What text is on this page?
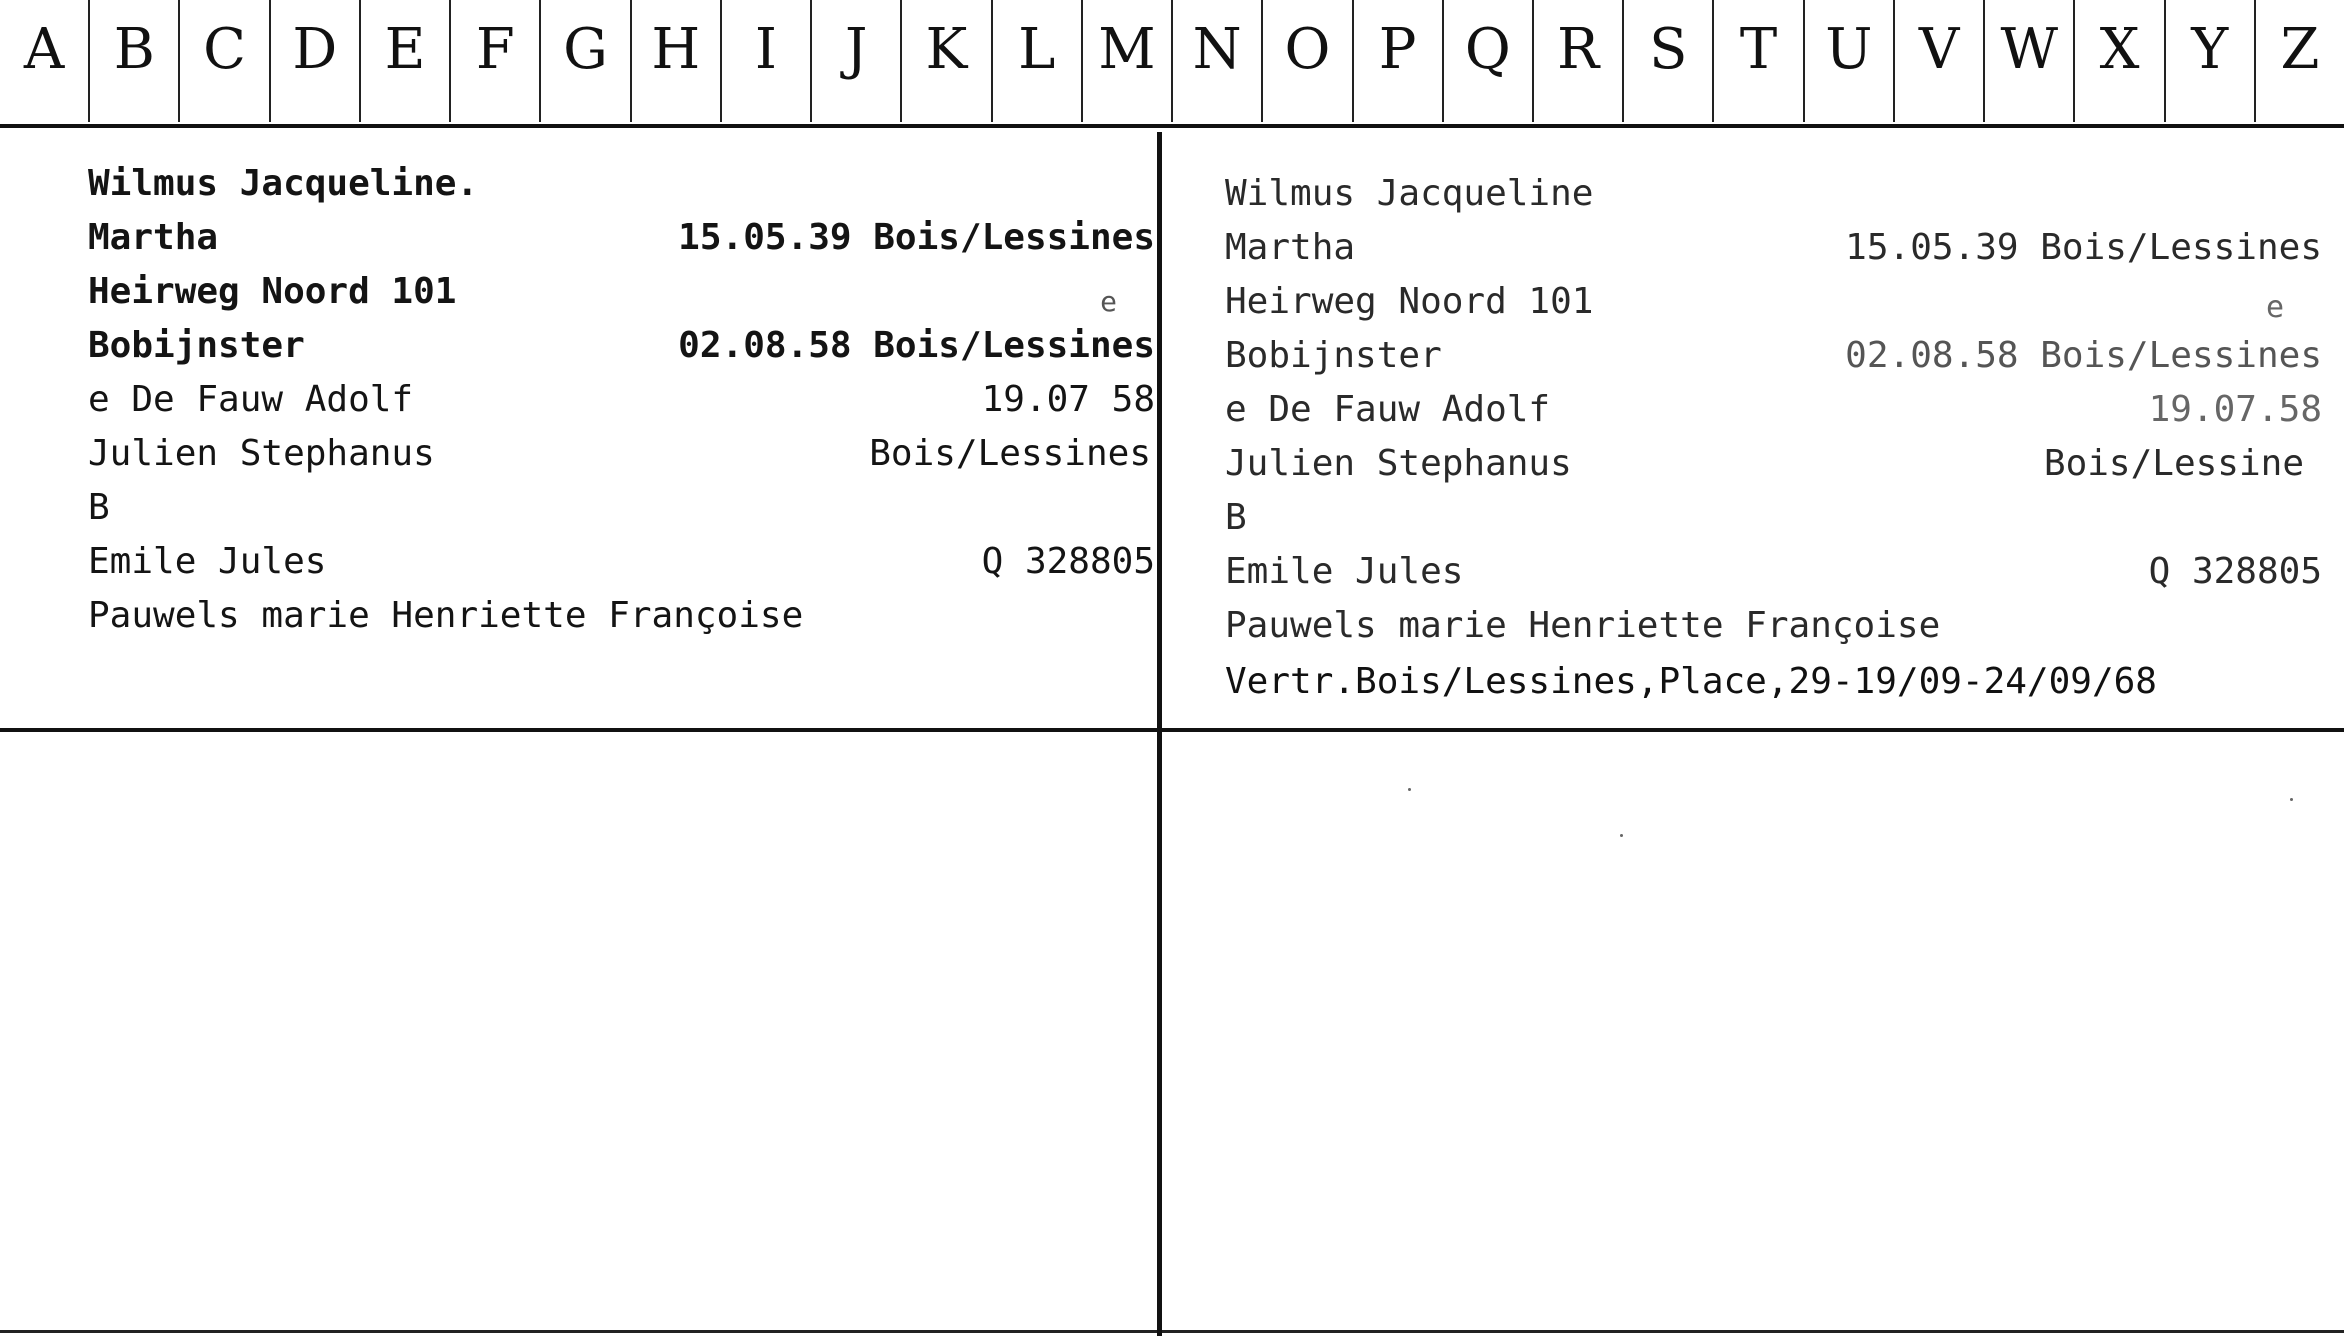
A B C D E F G H I	J	K L M N O P Q R S T U V W X Y Z
Wilmus Jacqueline.
Martha	15.05.39 Bois/Lessines
Heirweg Noord 101	e
Bobijnster	02.08.58 Bois/Lessines
e De Fauw Adolf	19.07 58
Julien Stephanus	Bois/Lessines
B
Emile Jules	Q 328805
Pauwels marie Henriette Françoise
Wilmus Jacqueline
Martha	15.05.39 Bois/Lessines
Heirweg Noord 101	e
Bobijnster	02.08.58 Bois/Lessines
e De Fauw Adolf	19.07.58
Julien Stephanus	Bois/Lessine
B
Emile Jules	Q 328805
Pauwels marie Henriette Françoise
Vertr.Bois/Lessines,Place,29-19/09-24/09/68
